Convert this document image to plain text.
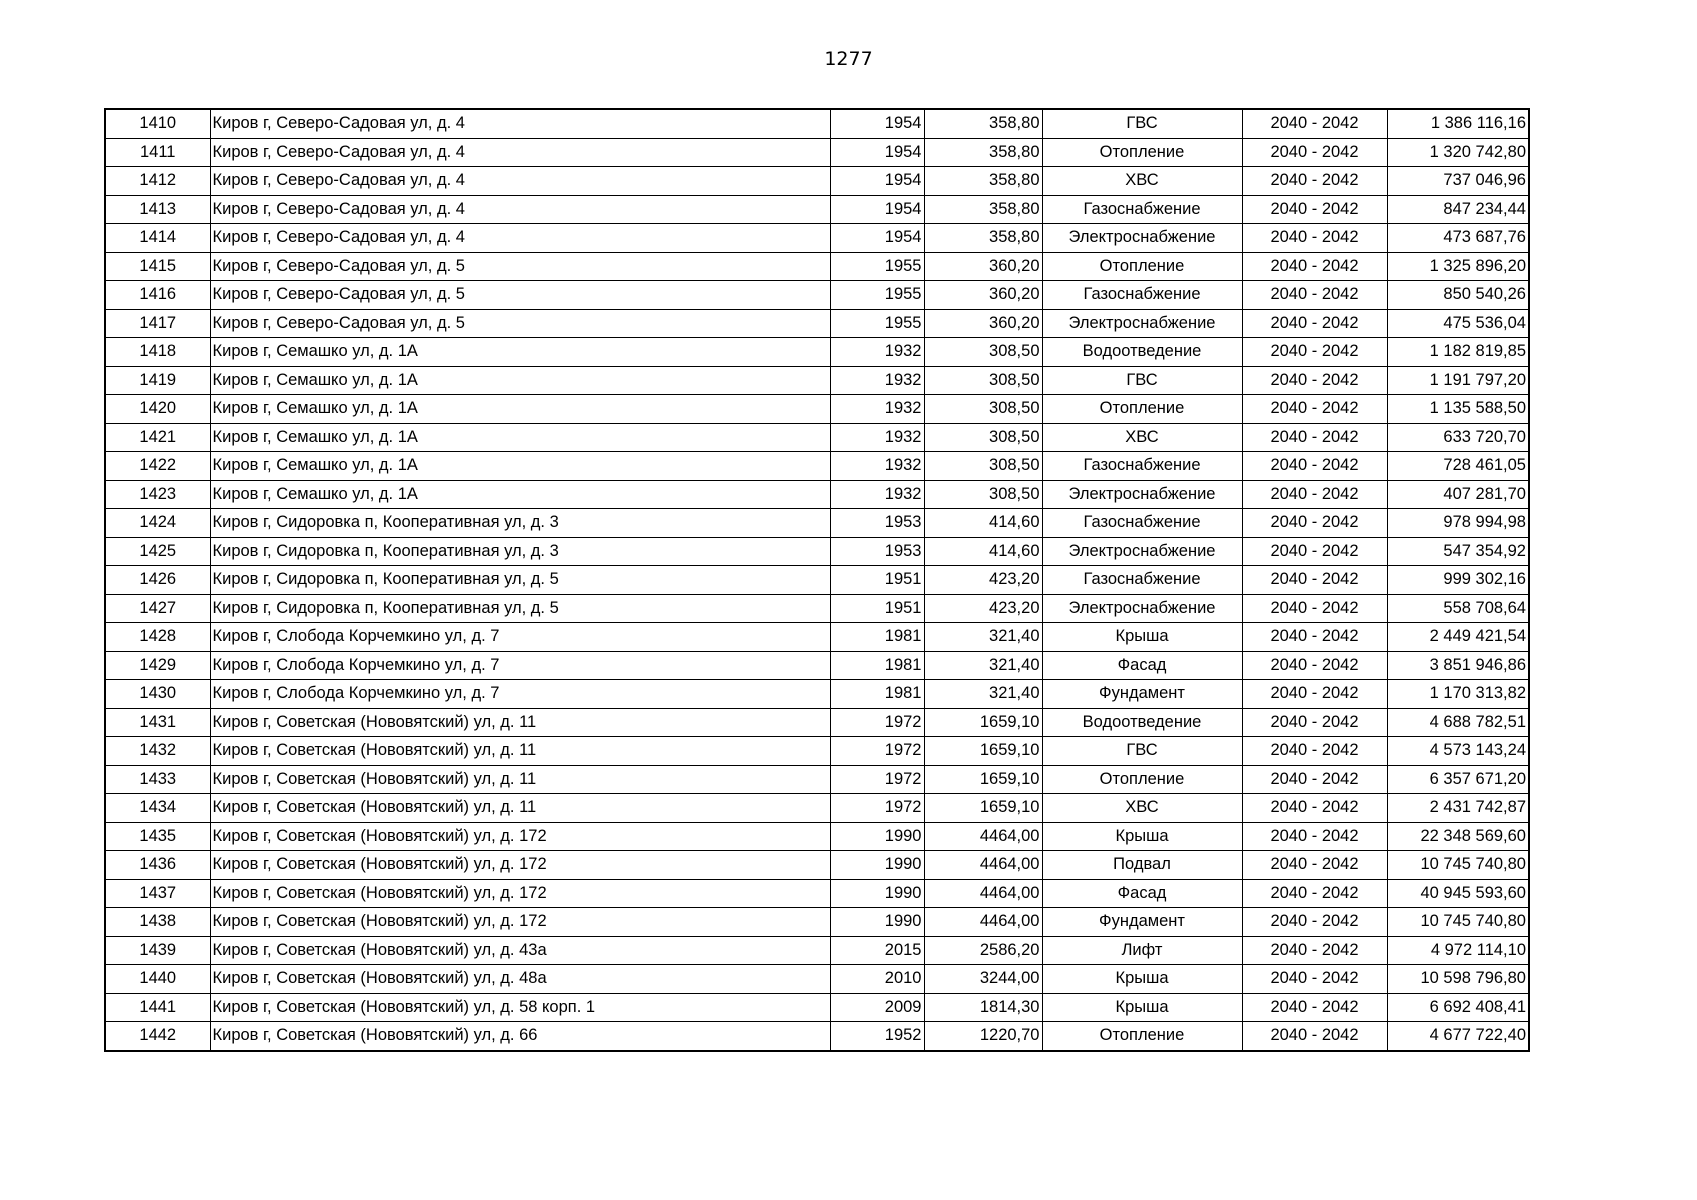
1277
1410	Киров г, Северо-Садовая ул, д. 4	1954	358,80	ГВС	2040 - 2042	1 386 116,16
1411	Киров г, Северо-Садовая ул, д. 4	1954	358,80	Отопление	2040 - 2042	1 320 742,80
1412	Киров г, Северо-Садовая ул, д. 4	1954	358,80	ХВС	2040 - 2042	737 046,96
1413	Киров г, Северо-Садовая ул, д. 4	1954	358,80	Газоснабжение	2040 - 2042	847 234,44
1414	Киров г, Северо-Садовая ул, д. 4	1954	358,80	Электроснабжение	2040 - 2042	473 687,76
1415	Киров г, Северо-Садовая ул, д. 5	1955	360,20	Отопление	2040 - 2042	1 325 896,20
1416	Киров г, Северо-Садовая ул, д. 5	1955	360,20	Газоснабжение	2040 - 2042	850 540,26
1417	Киров г, Северо-Садовая ул, д. 5	1955	360,20	Электроснабжение	2040 - 2042	475 536,04
1418	Киров г, Семашко ул, д. 1А	1932	308,50	Водоотведение	2040 - 2042	1 182 819,85
1419	Киров г, Семашко ул, д. 1А	1932	308,50	ГВС	2040 - 2042	1 191 797,20
1420	Киров г, Семашко ул, д. 1А	1932	308,50	Отопление	2040 - 2042	1 135 588,50
1421	Киров г, Семашко ул, д. 1А	1932	308,50	ХВС	2040 - 2042	633 720,70
1422	Киров г, Семашко ул, д. 1А	1932	308,50	Газоснабжение	2040 - 2042	728 461,05
1423	Киров г, Семашко ул, д. 1А	1932	308,50	Электроснабжение	2040 - 2042	407 281,70
1424	Киров г, Сидоровка п, Кооперативная ул, д. 3	1953	414,60	Газоснабжение	2040 - 2042	978 994,98
1425	Киров г, Сидоровка п, Кооперативная ул, д. 3	1953	414,60	Электроснабжение	2040 - 2042	547 354,92
1426	Киров г, Сидоровка п, Кооперативная ул, д. 5	1951	423,20	Газоснабжение	2040 - 2042	999 302,16
1427	Киров г, Сидоровка п, Кооперативная ул, д. 5	1951	423,20	Электроснабжение	2040 - 2042	558 708,64
1428	Киров г, Слобода Корчемкино ул, д. 7	1981	321,40	Крыша	2040 - 2042	2 449 421,54
1429	Киров г, Слобода Корчемкино ул, д. 7	1981	321,40	Фасад	2040 - 2042	3 851 946,86
1430	Киров г, Слобода Корчемкино ул, д. 7	1981	321,40	Фундамент	2040 - 2042	1 170 313,82
1431	Киров г, Советская (Нововятский) ул, д. 11	1972	1659,10	Водоотведение	2040 - 2042	4 688 782,51
1432	Киров г, Советская (Нововятский) ул, д. 11	1972	1659,10	ГВС	2040 - 2042	4 573 143,24
1433	Киров г, Советская (Нововятский) ул, д. 11	1972	1659,10	Отопление	2040 - 2042	6 357 671,20
1434	Киров г, Советская (Нововятский) ул, д. 11	1972	1659,10	ХВС	2040 - 2042	2 431 742,87
1435	Киров г, Советская (Нововятский) ул, д. 172	1990	4464,00	Крыша	2040 - 2042	22 348 569,60
1436	Киров г, Советская (Нововятский) ул, д. 172	1990	4464,00	Подвал	2040 - 2042	10 745 740,80
1437	Киров г, Советская (Нововятский) ул, д. 172	1990	4464,00	Фасад	2040 - 2042	40 945 593,60
1438	Киров г, Советская (Нововятский) ул, д. 172	1990	4464,00	Фундамент	2040 - 2042	10 745 740,80
1439	Киров г, Советская (Нововятский) ул, д. 43а	2015	2586,20	Лифт	2040 - 2042	4 972 114,10
1440	Киров г, Советская (Нововятский) ул, д. 48а	2010	3244,00	Крыша	2040 - 2042	10 598 796,80
1441	Киров г, Советская (Нововятский) ул, д. 58 корп. 1	2009	1814,30	Крыша	2040 - 2042	6 692 408,41
1442	Киров г, Советская (Нововятский) ул, д. 66	1952	1220,70	Отопление	2040 - 2042	4 677 722,40
